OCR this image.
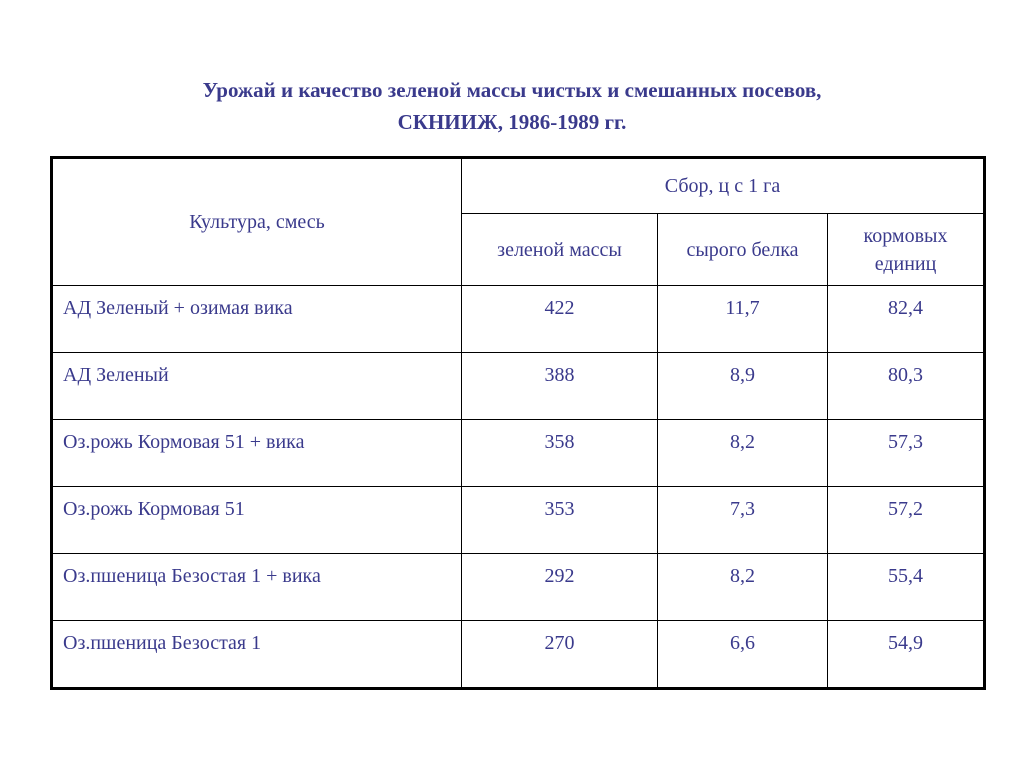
Урожай и качество зеленой массы чистых и смешанных посевов,
СКНИИЖ, 1986-1989 гг.
Культура, смесь	Сбор, ц с 1 га		
	зеленой массы	сырого белка	кормовых единиц
АД Зеленый + озимая вика	422	11,7	82,4
АД Зеленый	388	8,9	80,3
Оз.рожь Кормовая 51 + вика	358	8,2	57,3
Оз.рожь Кормовая 51	353	7,3	57,2
Оз.пшеница Безостая 1 + вика	292	8,2	55,4
Оз.пшеница Безостая 1	270	6,6	54,9
